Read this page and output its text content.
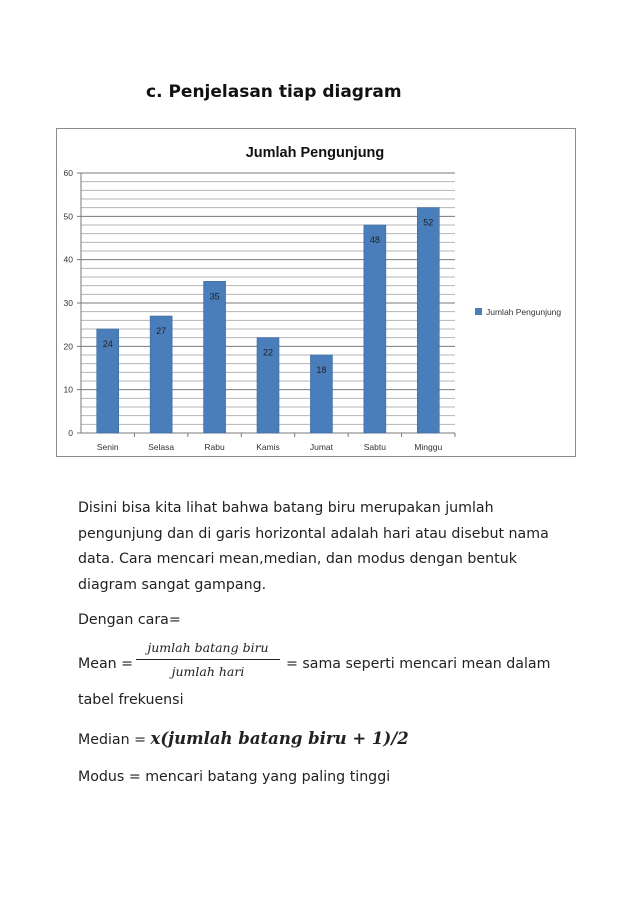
c. Penjelasan tiap diagram
Jumlah Pengunjung
0
10
20
30
40
50
60
24
Senin
27
Selasa
35
Rabu
22
Kamis
18
Jumat
48
Sabtu
52
Minggu
Jumlah Pengunjung

Disini bisa kita lihat bahwa batang biru merupakan jumlah pengunjung dan di garis horizontal adalah hari atau disebut nama data. Cara mencari mean,median, dan modus dengan bentuk diagram sangat gampang.

Dengan cara=

Mean =
jumlah batang biru
jumlah hari	= sama seperti mencari mean dalam

tabel frekuensi

Median = x(jumlah batang biru + 1)/2

Modus = mencari batang yang paling tinggi
